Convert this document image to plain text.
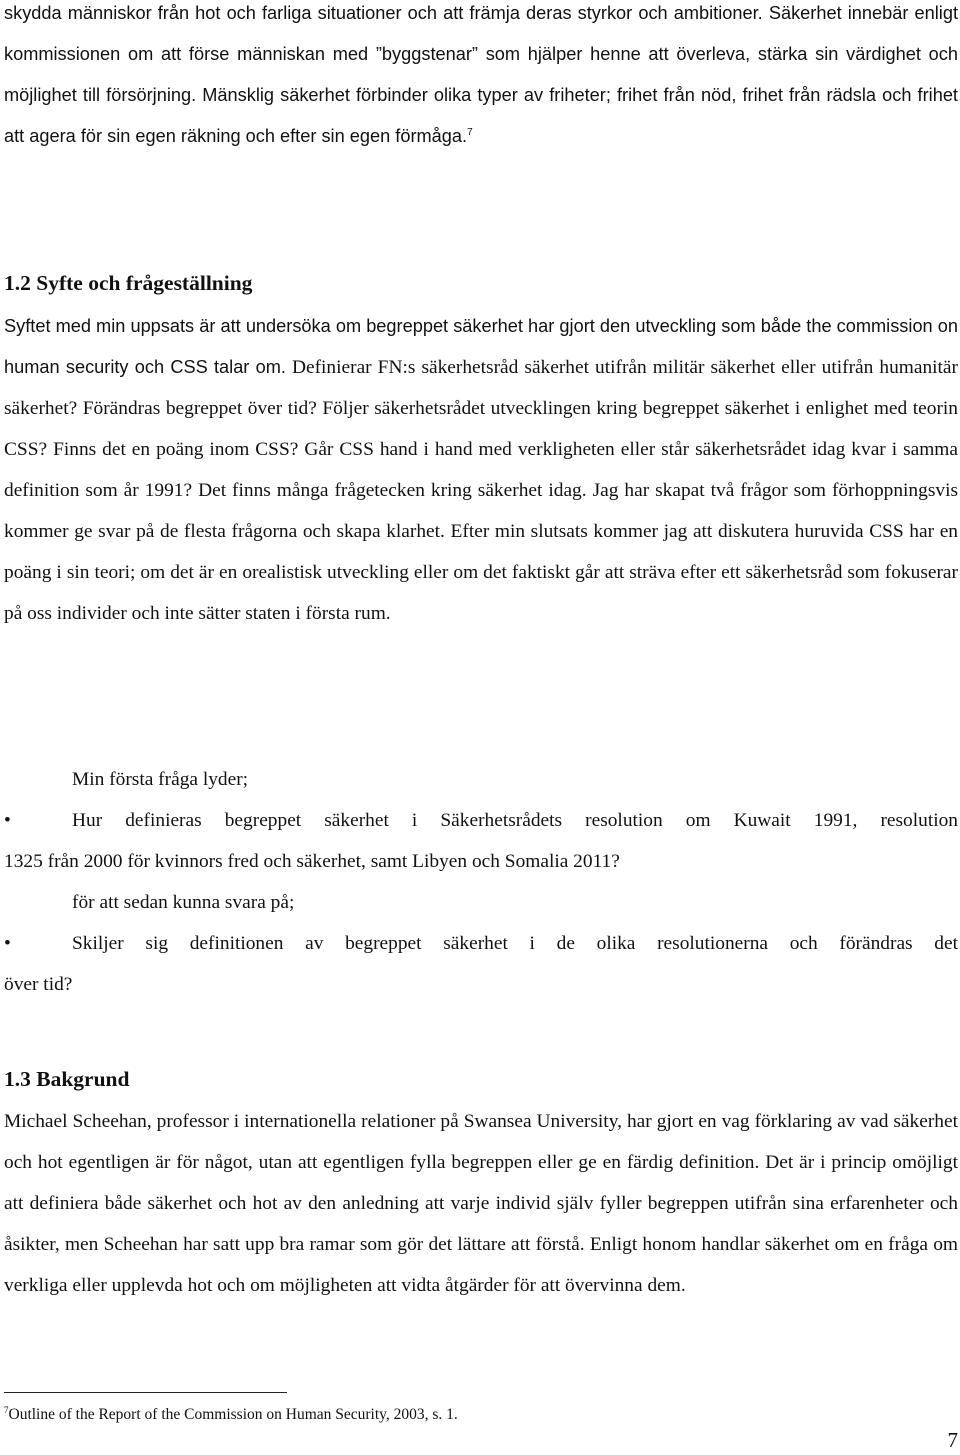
skydda människor från hot och farliga situationer och att främja deras styrkor och ambitioner. Säkerhet innebär enligt kommissionen om att förse människan med ”byggstenar” som hjälper henne att överleva, stärka sin värdighet och möjlighet till försörjning. Mänsklig säkerhet förbinder olika typer av friheter; frihet från nöd, frihet från rädsla och frihet att agera för sin egen räkning och efter sin egen förmåga.$^7$

1.2 Syfte och frågeställning

Syftet med min uppsats är att undersöka om begreppet säkerhet har gjort den utveckling som både the commission on human security och CSS talar om. Definierar FN:s säkerhetsråd säkerhet utifrån militär säkerhet eller utifrån humanitär säkerhet? Förändras begreppet över tid? Följer säkerhetsrådet utvecklingen kring begreppet säkerhet i enlighet med teorin CSS? Finns det en poäng inom CSS? Går CSS hand i hand med verkligheten eller står säkerhetsrådet idag kvar i samma definition som år 1991? Det finns många frågetecken kring säkerhet idag. Jag har skapat två frågor som förhoppningsvis kommer ge svar på de flesta frågorna och skapa klarhet. Efter min slutsats kommer jag att diskutera huruvida CSS har en poäng i sin teori; om det är en orealistisk utveckling eller om det faktiskt går att sträva efter ett säkerhetsråd som fokuserar på oss individer och inte sätter staten i första rum.

Min första fråga lyder;

•	Hur definieras begreppet säkerhet i Säkerhetsrådets resolution om Kuwait 1991, resolution

1325 från 2000 för kvinnors fred och säkerhet, samt Libyen och Somalia 2011?

för att sedan kunna svara på;

•	Skiljer sig definitionen av begreppet säkerhet i de olika resolutionerna och förändras det

över tid?

1.3 Bakgrund

Michael Scheehan, professor i internationella relationer på Swansea University, har gjort en vag förklaring av vad säkerhet och hot egentligen är för något, utan att egentligen fylla begreppen eller ge en färdig definition. Det är i princip omöjligt att definiera både säkerhet och hot av den anledning att varje individ själv fyller begreppen utifrån sina erfarenheter och åsikter, men Scheehan har satt upp bra ramar som gör det lättare att förstå. Enligt honom handlar säkerhet om en fråga om verkliga eller upplevda hot och om möjligheten att vidta åtgärder för att övervinna dem.

$^7$Outline of the Report of the Commission on Human Security, 2003, s. 1.

7
